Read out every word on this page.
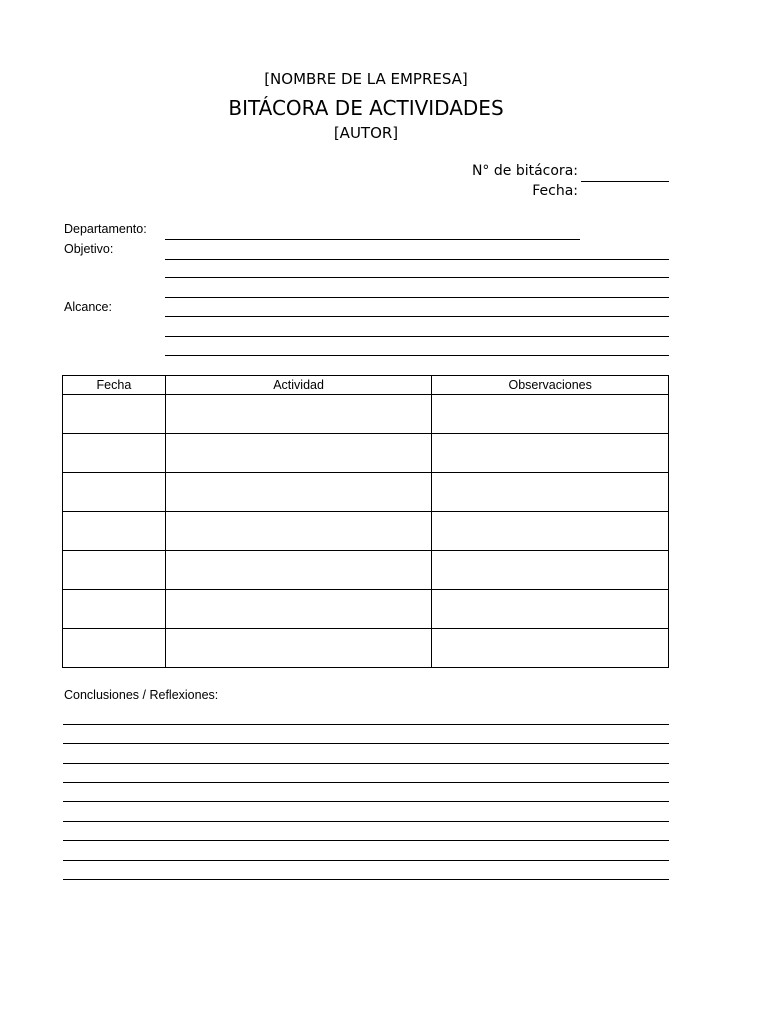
[NOMBRE DE LA EMPRESA]
BITÁCORA DE ACTIVIDADES
[AUTOR]
N° de bitácora:
Fecha:
Departamento:
Objetivo:
Alcance:
Fecha	Actividad	Observaciones

Conclusiones / Reflexiones:
